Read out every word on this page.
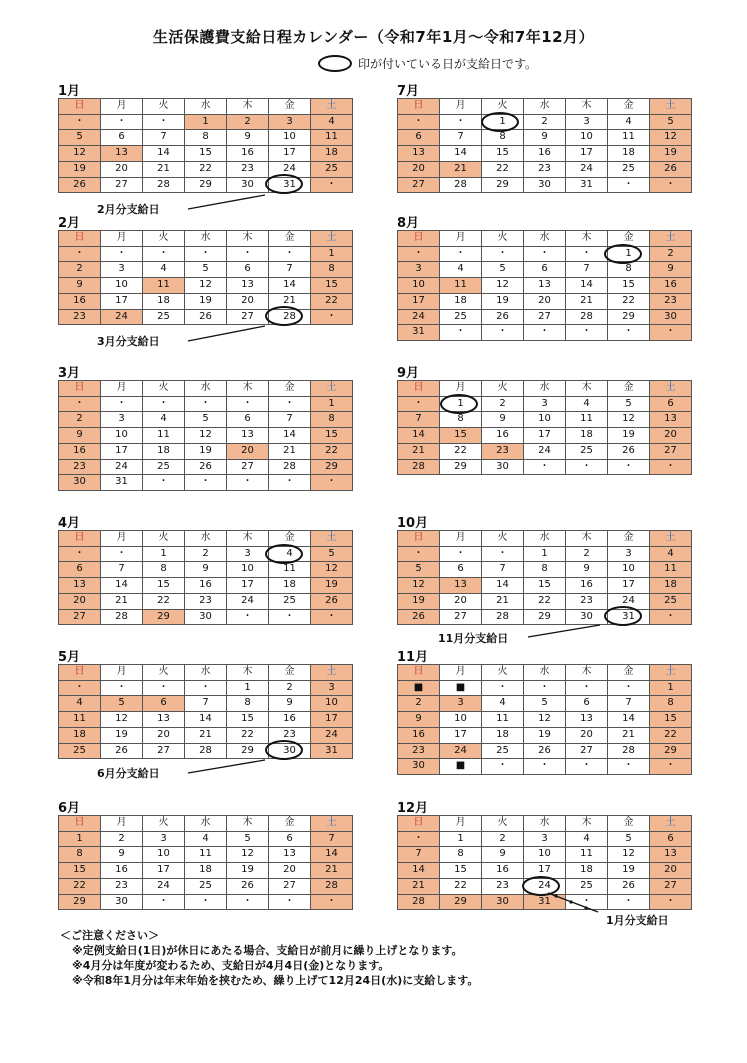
生活保護費支給日程カレンダー（令和7年1月～令和7年12月）
印が付いている日が支給日です。
1月
日	月	火	水	木	金	土
・	・	・	1	2	3	4
5	6	7	8	9	10	11
12	13	14	15	16	17	18
19	20	21	22	23	24	25
26	27	28	29	30	31	・
2月
日	月	火	水	木	金	土
・	・	・	・	・	・	1
2	3	4	5	6	7	8
9	10	11	12	13	14	15
16	17	18	19	20	21	22
23	24	25	26	27	28	・
3月
日	月	火	水	木	金	土
・	・	・	・	・	・	1
2	3	4	5	6	7	8
9	10	11	12	13	14	15
16	17	18	19	20	21	22
23	24	25	26	27	28	29
30	31	・	・	・	・	・
4月
日	月	火	水	木	金	土
・	・	1	2	3	4	5
6	7	8	9	10	11	12
13	14	15	16	17	18	19
20	21	22	23	24	25	26
27	28	29	30	・	・	・
5月
日	月	火	水	木	金	土
・	・	・	・	1	2	3
4	5	6	7	8	9	10
11	12	13	14	15	16	17
18	19	20	21	22	23	24
25	26	27	28	29	30	31
6月
日	月	火	水	木	金	土
1	2	3	4	5	6	7
8	9	10	11	12	13	14
15	16	17	18	19	20	21
22	23	24	25	26	27	28
29	30	・	・	・	・	・
7月
日	月	火	水	木	金	土
・	・	1	2	3	4	5
6	7	8	9	10	11	12
13	14	15	16	17	18	19
20	21	22	23	24	25	26
27	28	29	30	31	・	・
8月
日	月	火	水	木	金	土
・	・	・	・	・	1	2
3	4	5	6	7	8	9
10	11	12	13	14	15	16
17	18	19	20	21	22	23
24	25	26	27	28	29	30
31	・	・	・	・	・	・
9月
日	月	火	水	木	金	土
・	1	2	3	4	5	6
7	8	9	10	11	12	13
14	15	16	17	18	19	20
21	22	23	24	25	26	27
28	29	30	・	・	・	・
10月
日	月	火	水	木	金	土
・	・	・	1	2	3	4
5	6	7	8	9	10	11
12	13	14	15	16	17	18
19	20	21	22	23	24	25
26	27	28	29	30	31	・
11月
日	月	火	水	木	金	土
■	■	・	・	・	・	1
2	3	4	5	6	7	8
9	10	11	12	13	14	15
16	17	18	19	20	21	22
23	24	25	26	27	28	29
30	■	・	・	・	・	・
12月
日	月	火	水	木	金	土
・	1	2	3	4	5	6
7	8	9	10	11	12	13
14	15	16	17	18	19	20
21	22	23	24	25	26	27
28	29	30	31	・	・	・
2月分支給日
3月分支給日
6月分支給日
11月分支給日
1月分支給日
＜ご注意ください＞
※定例支給日(1日)が休日にあたる場合、支給日が前月に繰り上げとなります。
※4月分は年度が変わるため、支給日が4月4日(金)となります。
※令和8年1月分は年末年始を挟むため、繰り上げて12月24日(水)に支給します。
